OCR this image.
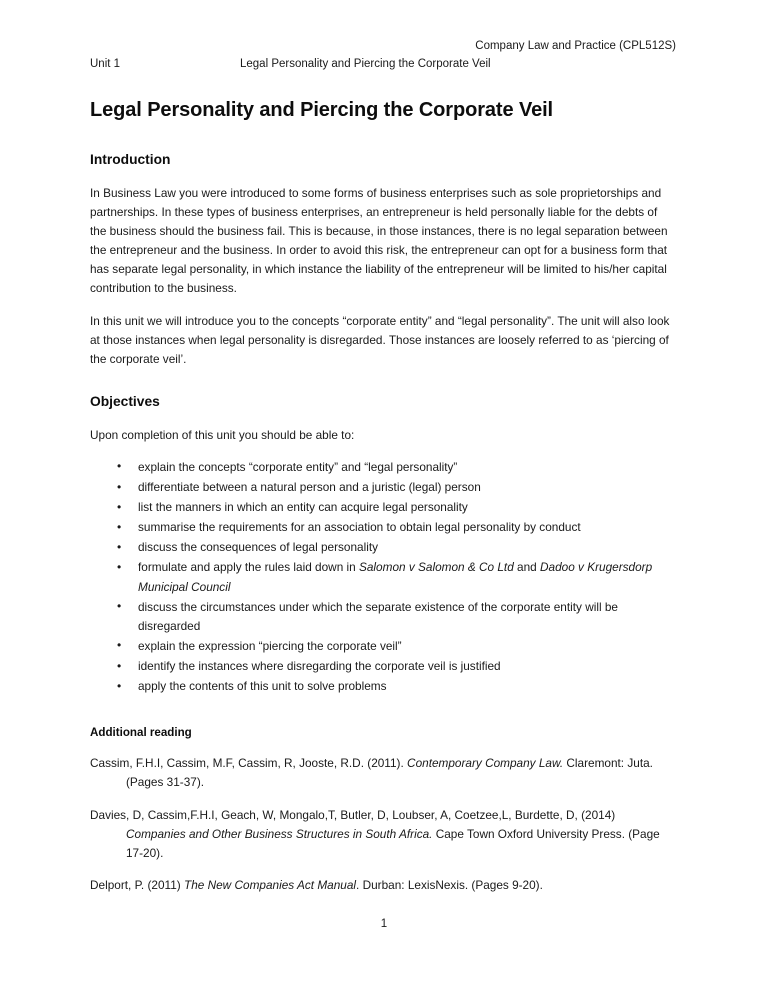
Company Law and Practice (CPL512S)
Unit 1	Legal Personality and Piercing the Corporate Veil
Legal Personality and Piercing the Corporate Veil
Introduction

In Business Law you were introduced to some forms of business enterprises such as sole proprietorships and partnerships. In these types of business enterprises, an entrepreneur is held personally liable for the debts of the business should the business fail. This is because, in those instances, there is no legal separation between the entrepreneur and the business. In order to avoid this risk, the entrepreneur can opt for a business form that has separate legal personality, in which instance the liability of the entrepreneur will be limited to his/her capital contribution to the business.

In this unit we will introduce you to the concepts “corporate entity” and “legal personality”. The unit will also look at those instances when legal personality is disregarded. Those instances are loosely referred to as ‘piercing of the corporate veil’.

Objectives

Upon completion of this unit you should be able to:

• explain the concepts “corporate entity” and “legal personality”
• differentiate between a natural person and a juristic (legal) person
• list the manners in which an entity can acquire legal personality
• summarise the requirements for an association to obtain legal personality by conduct
• discuss the consequences of legal personality
• formulate and apply the rules laid down in Salomon v Salomon & Co Ltd and Dadoo v Krugersdorp Municipal Council
• discuss the circumstances under which the separate existence of the corporate entity will be disregarded
• explain the expression “piercing the corporate veil”
• identify the instances where disregarding the corporate veil is justified
• apply the contents of this unit to solve problems
Additional reading

Cassim, F.H.I, Cassim, M.F, Cassim, R, Jooste, R.D. (2011). Contemporary Company Law. Claremont: Juta. (Pages 31-37).

Davies, D, Cassim,F.H.I, Geach, W, Mongalo,T, Butler, D, Loubser, A, Coetzee,L, Burdette, D, (2014) Companies and Other Business Structures in South Africa. Cape Town Oxford University Press. (Page 17-20).

Delport, P. (2011) The New Companies Act Manual. Durban: LexisNexis. (Pages 9-20).

1
